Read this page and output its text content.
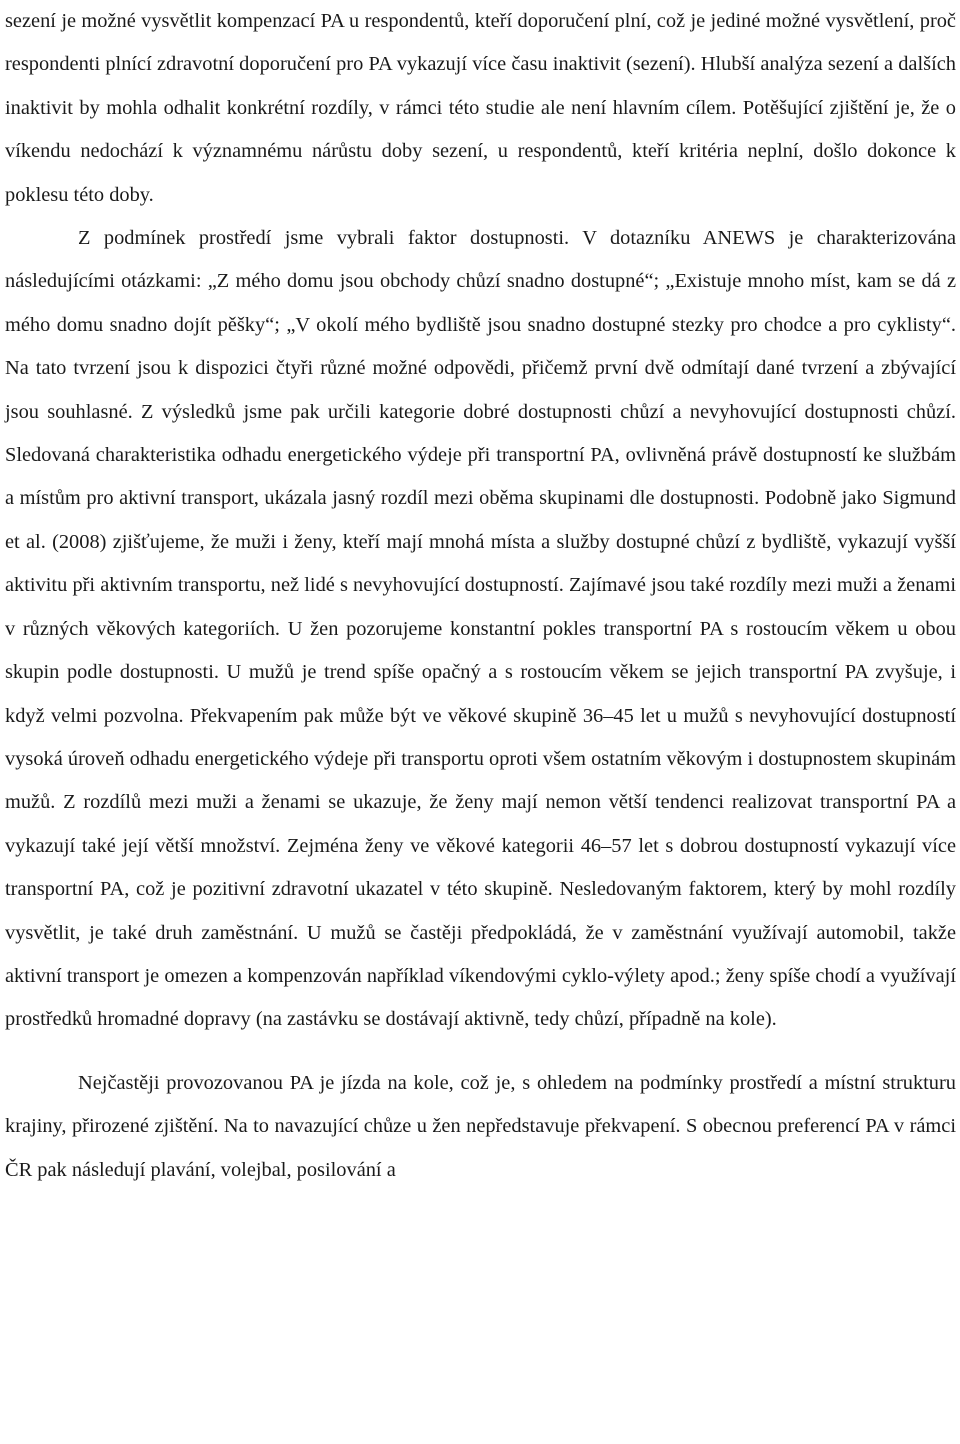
sezení je možné vysvětlit kompenzací PA u respondentů, kteří doporučení plní, což je jediné možné vysvětlení, proč respondenti plnící zdravotní doporučení pro PA vykazují více času inaktivit (sezení). Hlubší analýza sezení a dalších inaktivit by mohla odhalit konkrétní rozdíly, v rámci této studie ale není hlavním cílem. Potěšující zjištění je, že o víkendu nedochází k významnému nárůstu doby sezení, u respondentů, kteří kritéria neplní, došlo dokonce k poklesu této doby.

Z podmínek prostředí jsme vybrali faktor dostupnosti. V dotazníku ANEWS je charakterizována následujícími otázkami: „Z mého domu jsou obchody chůzí snadno dostupné“; „Existuje mnoho míst, kam se dá z mého domu snadno dojít pěšky“; „V okolí mého bydliště jsou snadno dostupné stezky pro chodce a pro cyklisty“. Na tato tvrzení jsou k dispozici čtyři různé možné odpovědi, přičemž první dvě odmítají dané tvrzení a zbývající jsou souhlasné. Z výsledků jsme pak určili kategorie dobré dostupnosti chůzí a nevyhovující dostupnosti chůzí. Sledovaná charakteristika odhadu energetického výdeje při transportní PA, ovlivněná právě dostupností ke službám a místům pro aktivní transport, ukázala jasný rozdíl mezi oběma skupinami dle dostupnosti. Podobně jako Sigmund et al. (2008) zjišťujeme, že muži i ženy, kteří mají mnohá místa a služby dostupné chůzí z bydliště, vykazují vyšší aktivitu při aktivním transportu, než lidé s nevyhovující dostupností. Zajímavé jsou také rozdíly mezi muži a ženami v různých věkových kategoriích. U žen pozorujeme konstantní pokles transportní PA s rostoucím věkem u obou skupin podle dostupnosti. U mužů je trend spíše opačný a s rostoucím věkem se jejich transportní PA zvyšuje, i když velmi pozvolna. Překvapením pak může být ve věkové skupině 36–45 let u mužů s nevyhovující dostupností vysoká úroveň odhadu energetického výdeje při transportu oproti všem ostatním věkovým i dostupnostem skupinám mužů. Z rozdílů mezi muži a ženami se ukazuje, že ženy mají nemon větší tendenci realizovat transportní PA a vykazují také její větší množství. Zejména ženy ve věkové kategorii 46–57 let s dobrou dostupností vykazují více transportní PA, což je pozitivní zdravotní ukazatel v této skupině. Nesledovaným faktorem, který by mohl rozdíly vysvětlit, je také druh zaměstnání. U mužů se častěji předpokládá, že v zaměstnání využívají automobil, takže aktivní transport je omezen a kompenzován například víkendovými cyklo-výlety apod.; ženy spíše chodí a využívají prostředků hromadné dopravy (na zastávku se dostávají aktivně, tedy chůzí, případně na kole).

Nejčastěji provozovanou PA je jízda na kole, což je, s ohledem na podmínky prostředí a místní strukturu krajiny, přirozené zjištění. Na to navazující chůze u žen nepředstavuje překvapení. S obecnou preferencí PA v rámci ČR pak následují plavání, volejbal, posilování a
